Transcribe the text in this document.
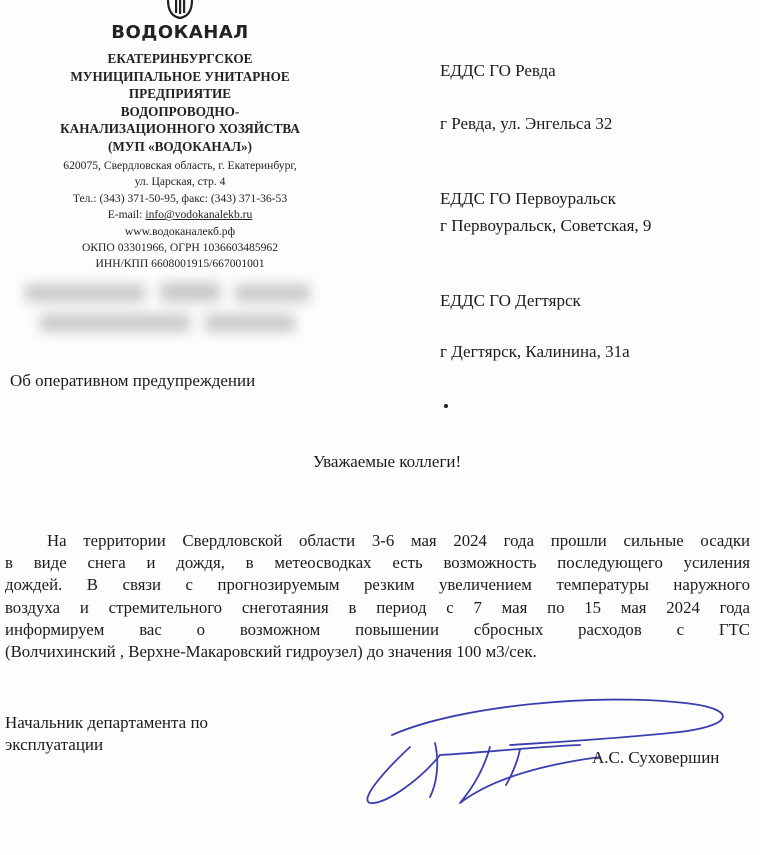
ВОДОКАНАЛ
ЕКАТЕРИНБУРГСКОЕ
МУНИЦИПАЛЬНОЕ УНИТАРНОЕ
ПРЕДПРИЯТИЕ
ВОДОПРОВОДНО-
КАНАЛИЗАЦИОННОГО ХОЗЯЙСТВА
(МУП «ВОДОКАНАЛ»)
620075, Свердловская область, г. Екатеринбург,
ул. Царская, стр. 4
Тел.: (343) 371-50-95, факс: (343) 371-36-53
E-mail: info@vodokanalekb.ru
www.водоканалекб.рф
ОКПО 03301966, ОГРН 1036603485962
ИНН/КПП 6608001915/667001001
ЕДДС ГО Ревда
г Ревда, ул. Энгельса 32
ЕДДС ГО Первоуральск
г Первоуральск, Советская, 9
ЕДДС ГО Дегтярск
г Дегтярск, Калинина, 31а
Об оперативном предупреждении
Уважаемые коллеги!
На территории Свердловской области 3-6 мая 2024 года прошли сильные осадки
в виде снега и дождя, в метеосводках есть возможность последующего усиления
дождей. В связи с прогнозируемым резким увеличением температуры наружного
воздуха и стремительного снеготаяния в период с 7 мая по 15 мая 2024 года
информируем вас о возможном повышении сбросных расходов с ГТС
(Волчихинский , Верхне-Макаровский гидроузел) до значения 100 м3/сек.
Начальник департамента по
эксплуатации
А.С. Суховершин
